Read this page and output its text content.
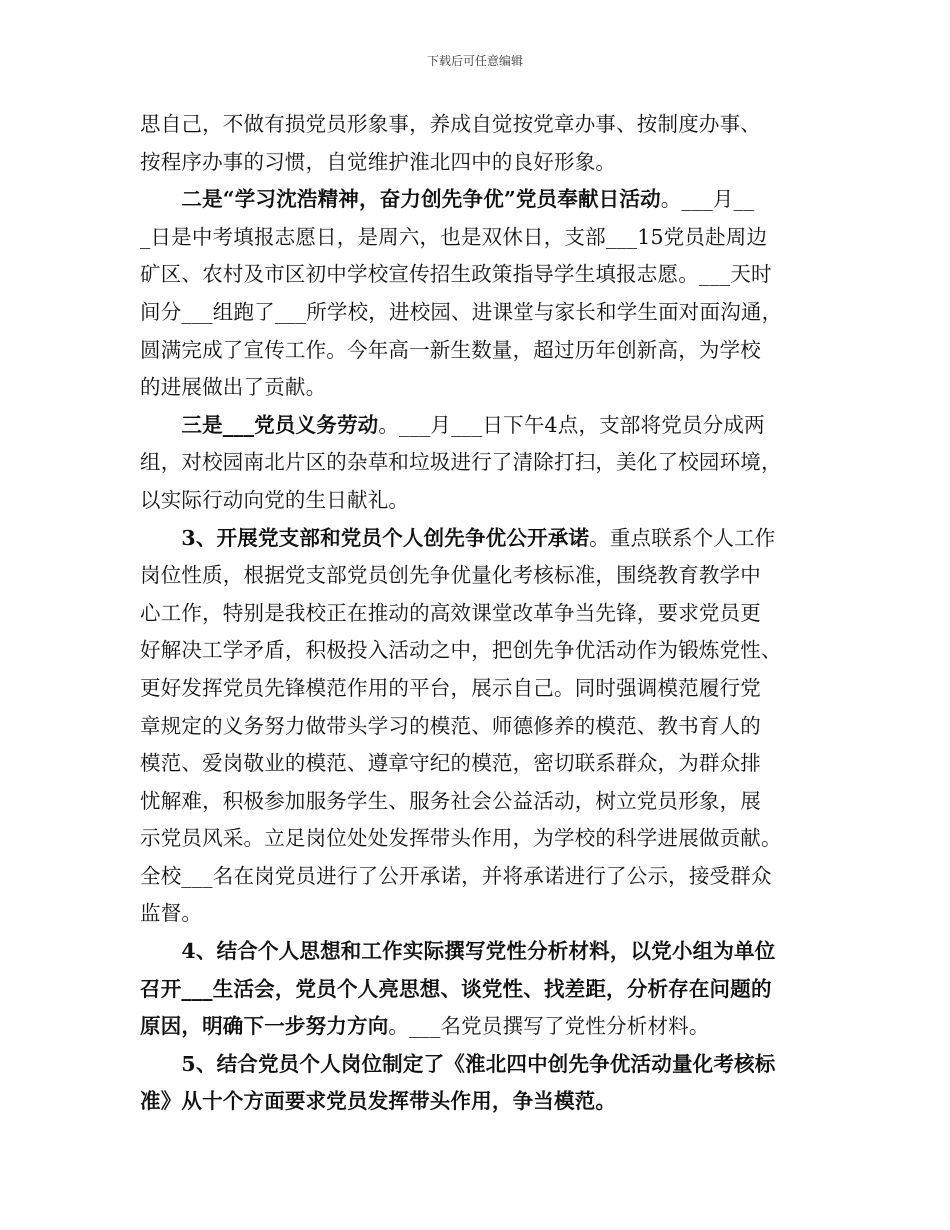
下载后可任意编辑
思自己，不做有损党员形象事，养成自觉按党章办事、按制度办事、
按程序办事的习惯，自觉维护淮北四中的良好形象。
　　二是“学习沈浩精神，奋力创先争优”党员奉献日活动。___月__
_日是中考填报志愿日，是周六，也是双休日，支部___15党员赴周边
矿区、农村及市区初中学校宣传招生政策指导学生填报志愿。___天时
间分___组跑了___所学校，进校园、进课堂与家长和学生面对面沟通，
圆满完成了宣传工作。今年高一新生数量，超过历年创新高，为学校
的进展做出了贡献。
　　三是___党员义务劳动。___月___日下午4点，支部将党员分成两
组，对校园南北片区的杂草和垃圾进行了清除打扫，美化了校园环境，
以实际行动向党的生日献礼。
　　3、开展党支部和党员个人创先争优公开承诺。重点联系个人工作
岗位性质，根据党支部党员创先争优量化考核标准，围绕教育教学中
心工作，特别是我校正在推动的高效课堂改革争当先锋，要求党员更
好解决工学矛盾，积极投入活动之中，把创先争优活动作为锻炼党性、
更好发挥党员先锋模范作用的平台，展示自己。同时强调模范履行党
章规定的义务努力做带头学习的模范、师德修养的模范、教书育人的
模范、爱岗敬业的模范、遵章守纪的模范，密切联系群众，为群众排
忧解难，积极参加服务学生、服务社会公益活动，树立党员形象，展
示党员风采。立足岗位处处发挥带头作用，为学校的科学进展做贡献。
全校___名在岗党员进行了公开承诺，并将承诺进行了公示，接受群众
监督。
　　4、结合个人思想和工作实际撰写党性分析材料，以党小组为单位
召开___生活会，党员个人亮思想、谈党性、找差距，分析存在问题的
原因，明确下一步努力方向。___名党员撰写了党性分析材料。
　　5、结合党员个人岗位制定了《淮北四中创先争优活动量化考核标
准》从十个方面要求党员发挥带头作用，争当模范。
